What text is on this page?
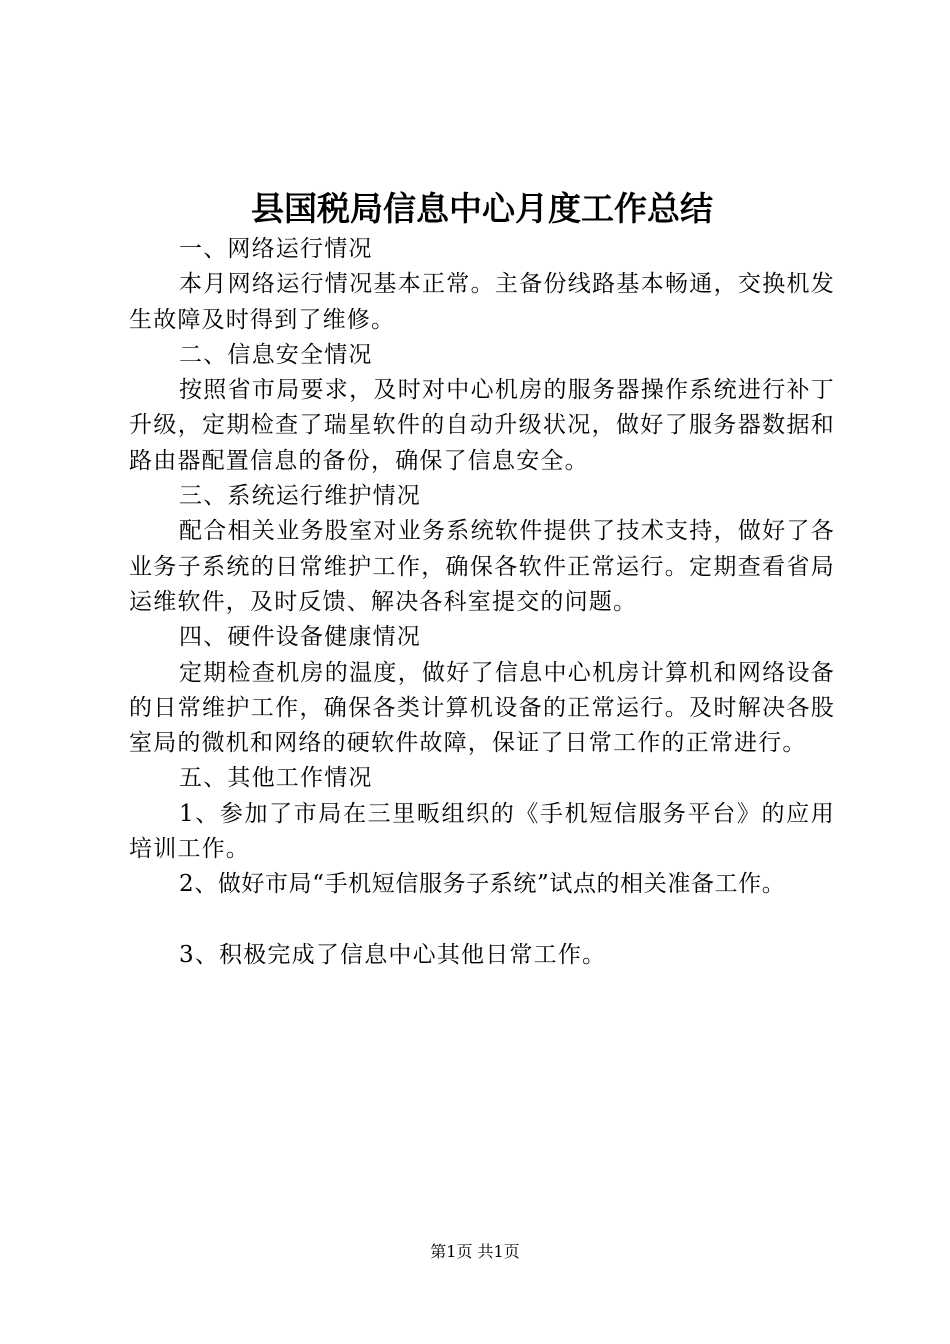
县国税局信息中心月度工作总结

一、网络运行情况

本月网络运行情况基本正常。主备份线路基本畅通，交换机发生故障及时得到了维修。

二、信息安全情况

按照省市局要求，及时对中心机房的服务器操作系统进行补丁升级，定期检查了瑞星软件的自动升级状况，做好了服务器数据和路由器配置信息的备份，确保了信息安全。

三、系统运行维护情况

配合相关业务股室对业务系统软件提供了技术支持，做好了各业务子系统的日常维护工作，确保各软件正常运行。定期查看省局运维软件，及时反馈、解决各科室提交的问题。

四、硬件设备健康情况

定期检查机房的温度，做好了信息中心机房计算机和网络设备的日常维护工作，确保各类计算机设备的正常运行。及时解决各股室局的微机和网络的硬软件故障，保证了日常工作的正常进行。

五、其他工作情况

1、参加了市局在三里畈组织的《手机短信服务平台》的应用培训工作。

2、做好市局“手机短信服务子系统”试点的相关准备工作。

3、积极完成了信息中心其他日常工作。

第1页 共1页
